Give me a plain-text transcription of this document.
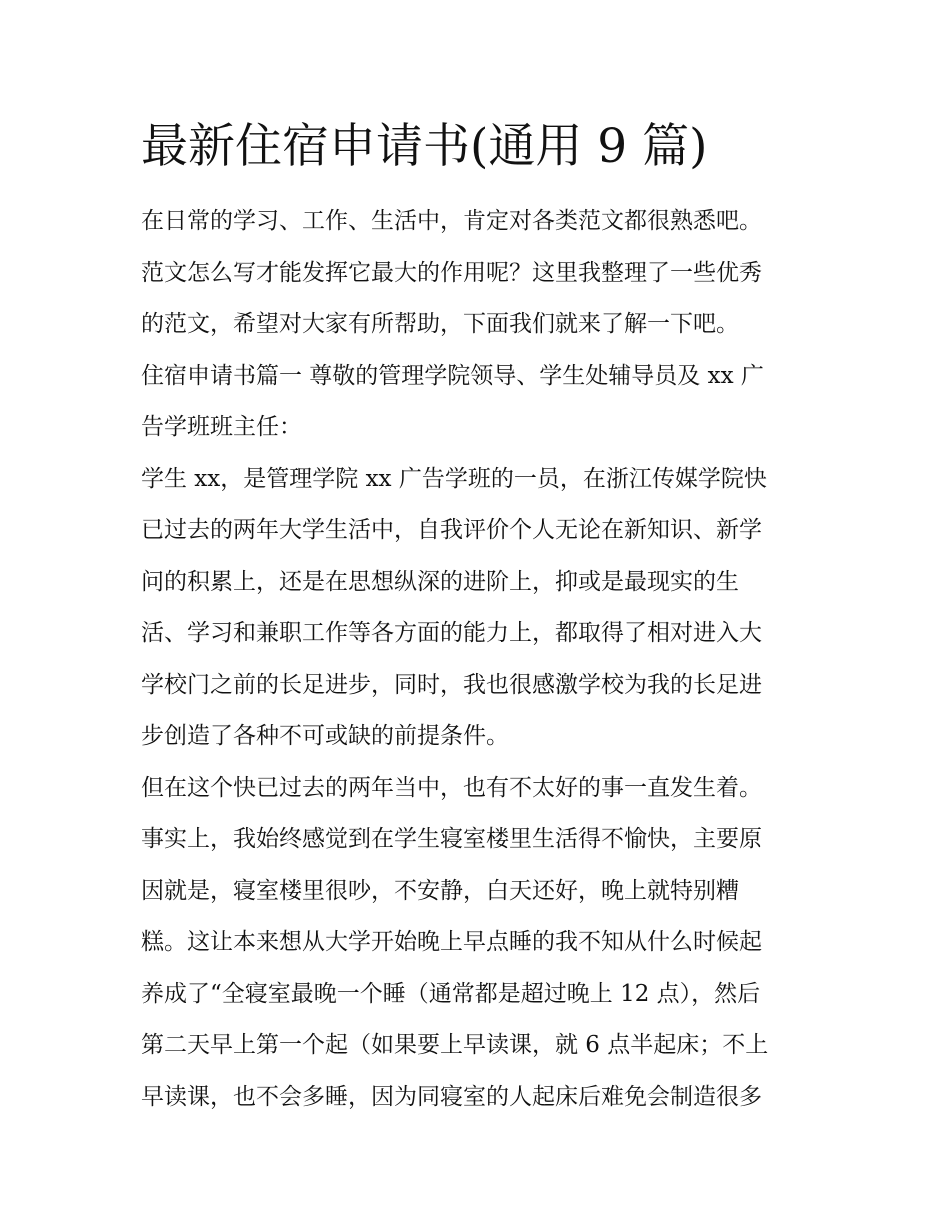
最新住宿申请书(通用 9 篇)
在日常的学习、工作、生活中，肯定对各类范文都很熟悉吧。
范文怎么写才能发挥它最大的作用呢？这里我整理了一些优秀
的范文，希望对大家有所帮助，下面我们就来了解一下吧。
住宿申请书篇一 尊敬的管理学院领导、学生处辅导员及 xx 广
告学班班主任：
学生 xx，是管理学院 xx 广告学班的一员，在浙江传媒学院快
已过去的两年大学生活中，自我评价个人无论在新知识、新学
问的积累上，还是在思想纵深的进阶上，抑或是最现实的生
活、学习和兼职工作等各方面的能力上，都取得了相对进入大
学校门之前的长足进步，同时，我也很感激学校为我的长足进
步创造了各种不可或缺的前提条件。
但在这个快已过去的两年当中，也有不太好的事一直发生着。
事实上，我始终感觉到在学生寝室楼里生活得不愉快，主要原
因就是，寝室楼里很吵，不安静，白天还好，晚上就特别糟
糕。这让本来想从大学开始晚上早点睡的我不知从什么时候起
养成了“全寝室最晚一个睡（通常都是超过晚上 12 点），然后
第二天早上第一个起（如果要上早读课，就 6 点半起床；不上
早读课，也不会多睡，因为同寝室的人起床后难免会制造很多
